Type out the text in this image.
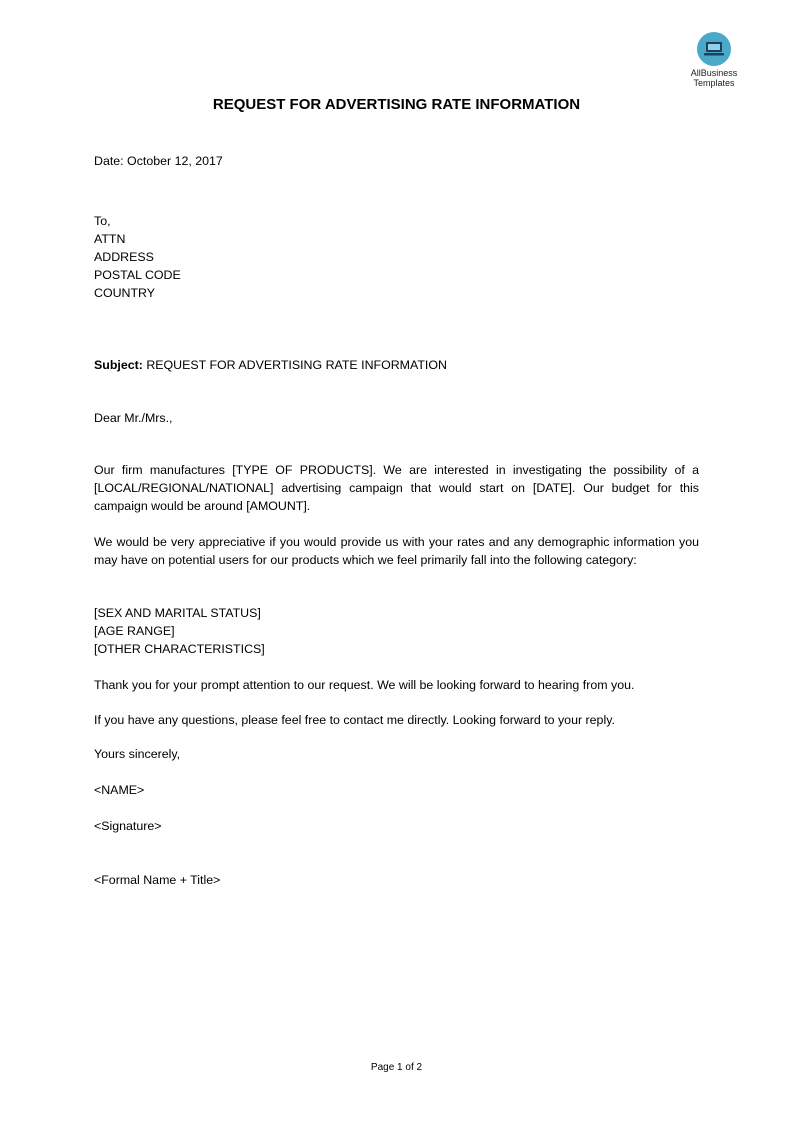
AllBusiness
Templates
REQUEST FOR ADVERTISING RATE INFORMATION
Date: October 12, 2017
To,
ATTN
ADDRESS
POSTAL CODE
COUNTRY
Subject: REQUEST FOR ADVERTISING RATE INFORMATION
Dear Mr./Mrs.,
Our firm manufactures [TYPE OF PRODUCTS]. We are interested in investigating the possibility of a [LOCAL/REGIONAL/NATIONAL] advertising campaign that would start on [DATE]. Our budget for this campaign would be around [AMOUNT].
We would be very appreciative if you would provide us with your rates and any demographic information you may have on potential users for our products which we feel primarily fall into the following category:
[SEX AND MARITAL STATUS]
[AGE RANGE]
[OTHER CHARACTERISTICS]
Thank you for your prompt attention to our request. We will be looking forward to hearing from you.
If you have any questions, please feel free to contact me directly. Looking forward to your reply.
Yours sincerely,
<NAME>
<Signature>
<Formal Name + Title>
Page 1 of 2
